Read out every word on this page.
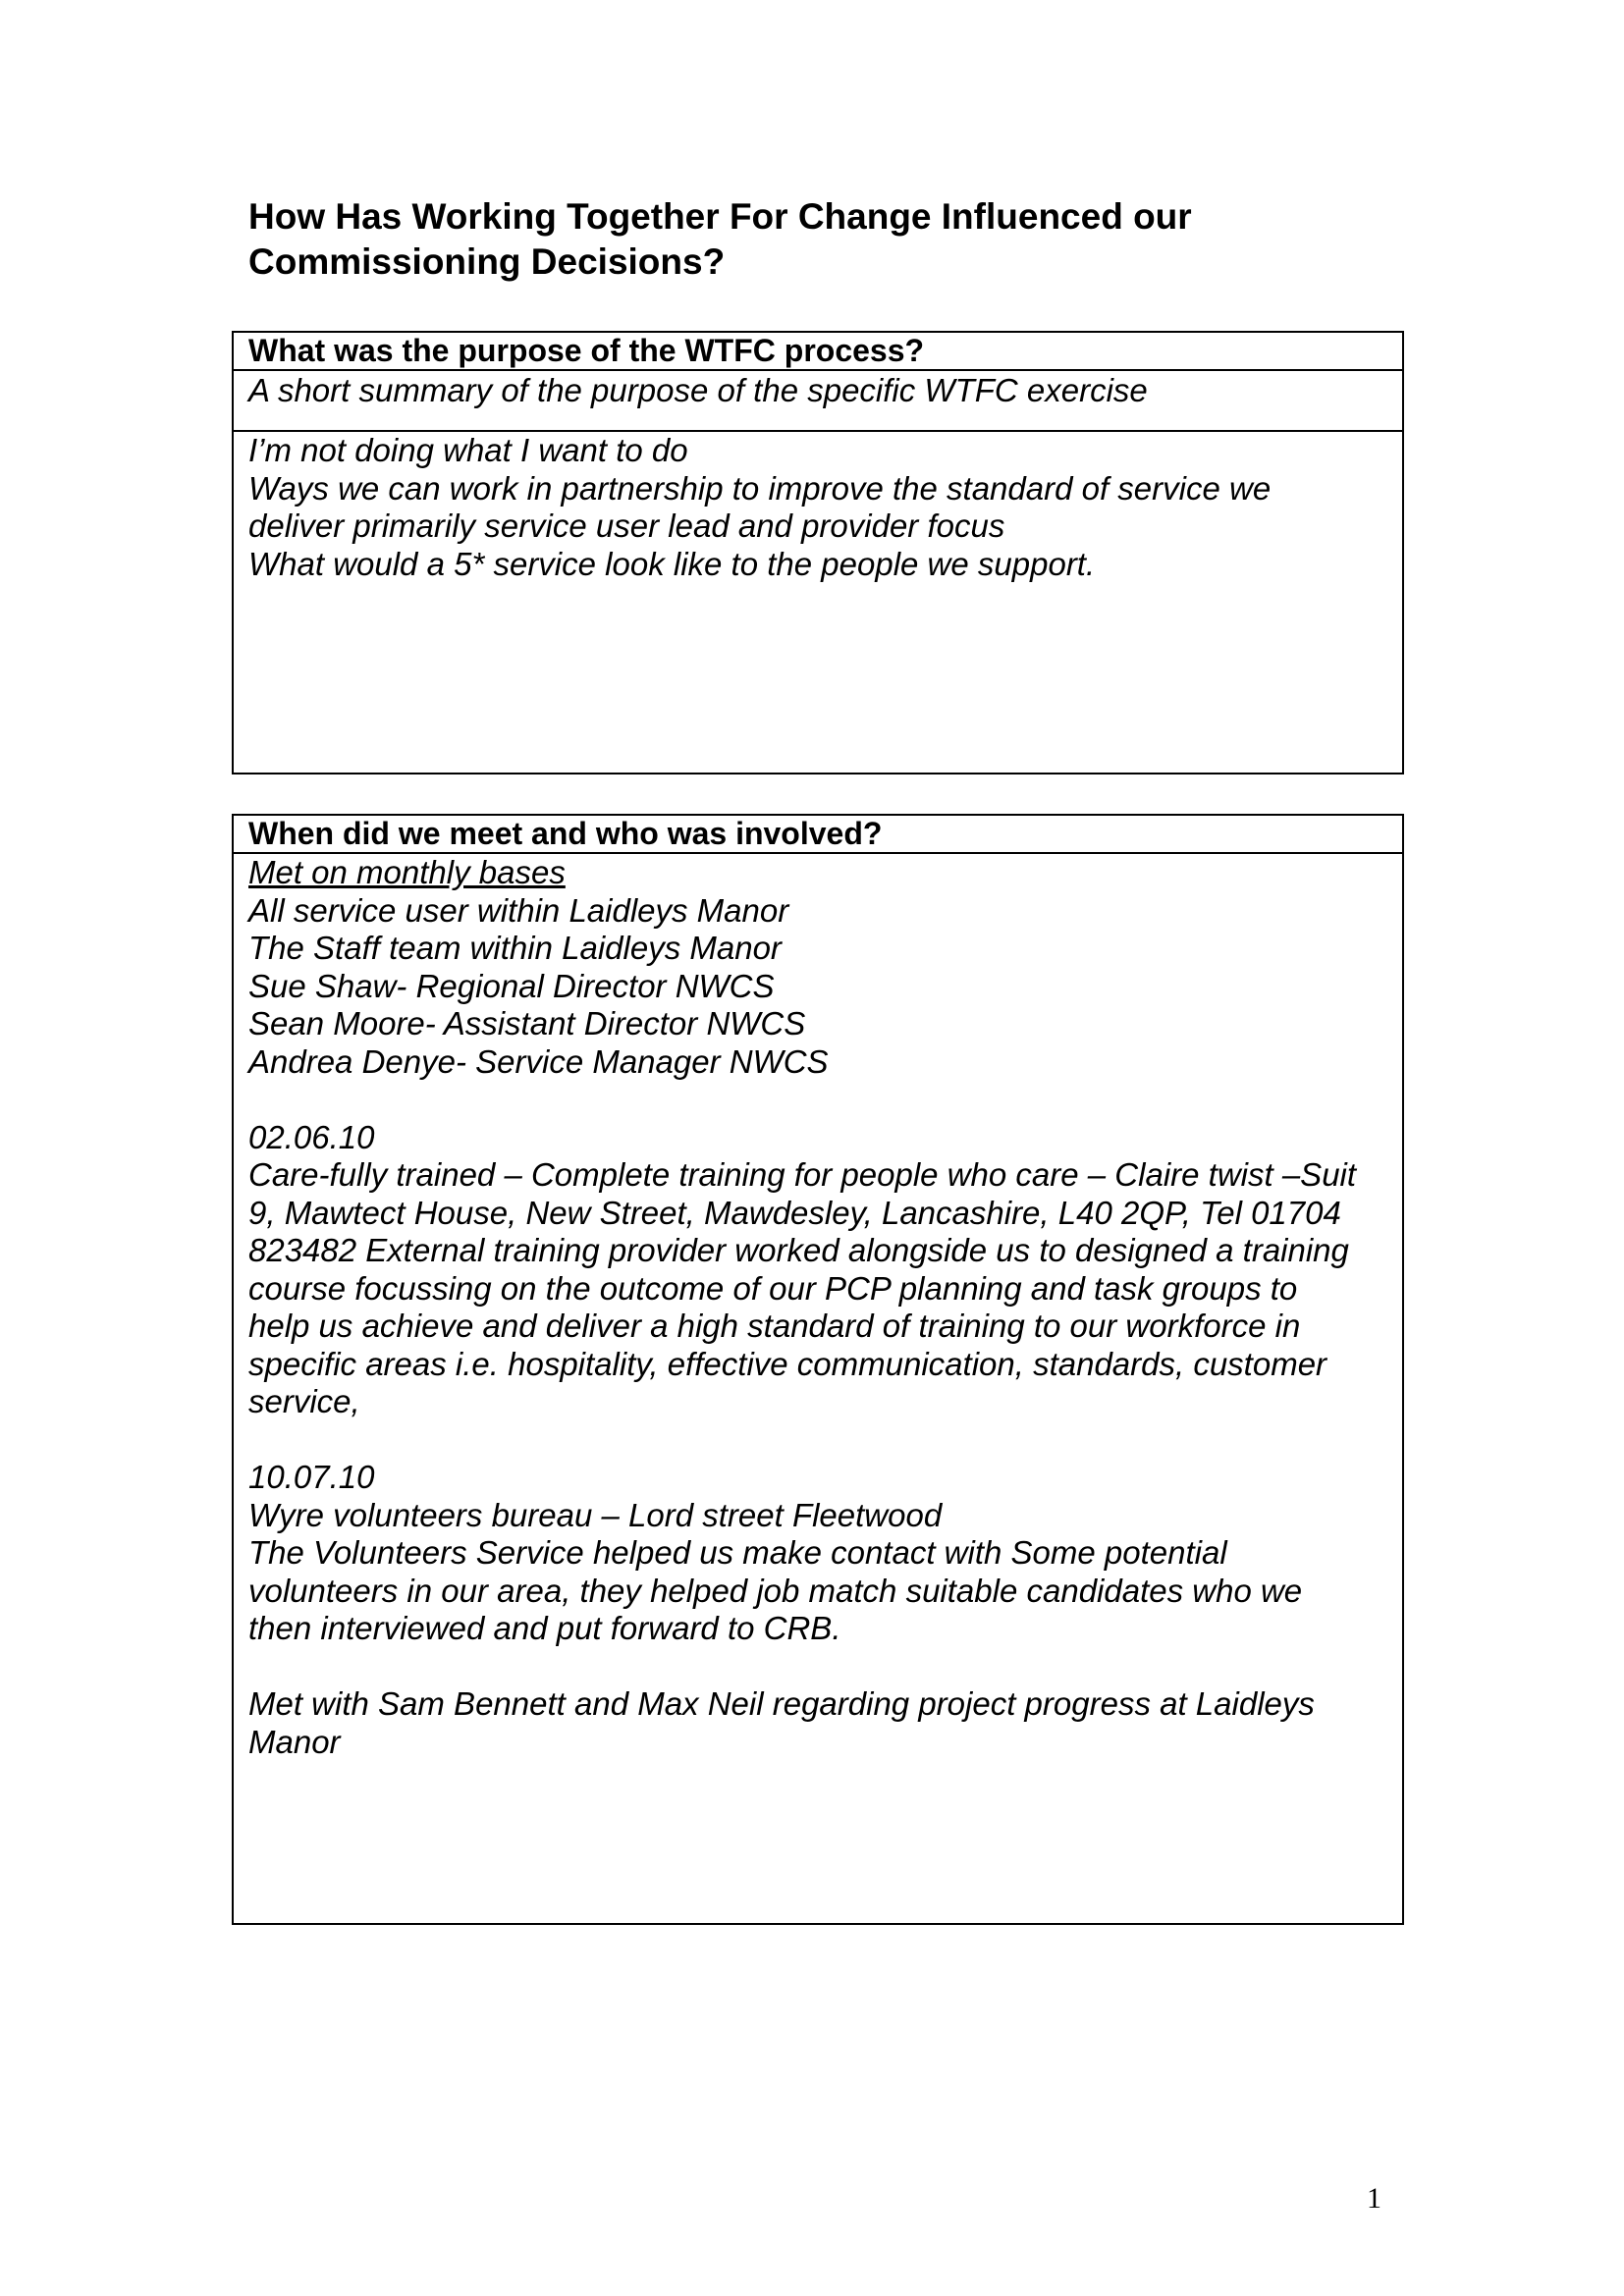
How Has Working Together For Change Influenced our
Commissioning Decisions?
What was the purpose of the WTFC process?
A short summary of the purpose of the specific WTFC exercise
I’m not doing what I want to do
Ways we can work in partnership to improve the standard of service we
deliver primarily service user lead and provider focus
What would a 5* service look like to the people we support.
When did we meet and who was involved?
Met on monthly bases
All service user within Laidleys Manor
The Staff team within Laidleys Manor
Sue Shaw- Regional Director NWCS
Sean Moore- Assistant Director NWCS
Andrea Denye- Service Manager NWCS
02.06.10
Care-fully trained – Complete training for people who care – Claire twist –Suit
9, Mawtect House, New Street, Mawdesley, Lancashire, L40 2QP, Tel 01704
823482 External training provider worked alongside us to designed a training
course focussing on the outcome of our PCP planning and task groups to
help us achieve and deliver a high standard of training to our workforce in
specific areas i.e. hospitality, effective communication, standards, customer
service,
10.07.10
Wyre volunteers bureau – Lord street Fleetwood
The Volunteers Service helped us make contact with Some potential
volunteers in our area, they helped job match suitable candidates who we
then interviewed and put forward to CRB.
Met with Sam Bennett and Max Neil regarding project progress at Laidleys
Manor
1
